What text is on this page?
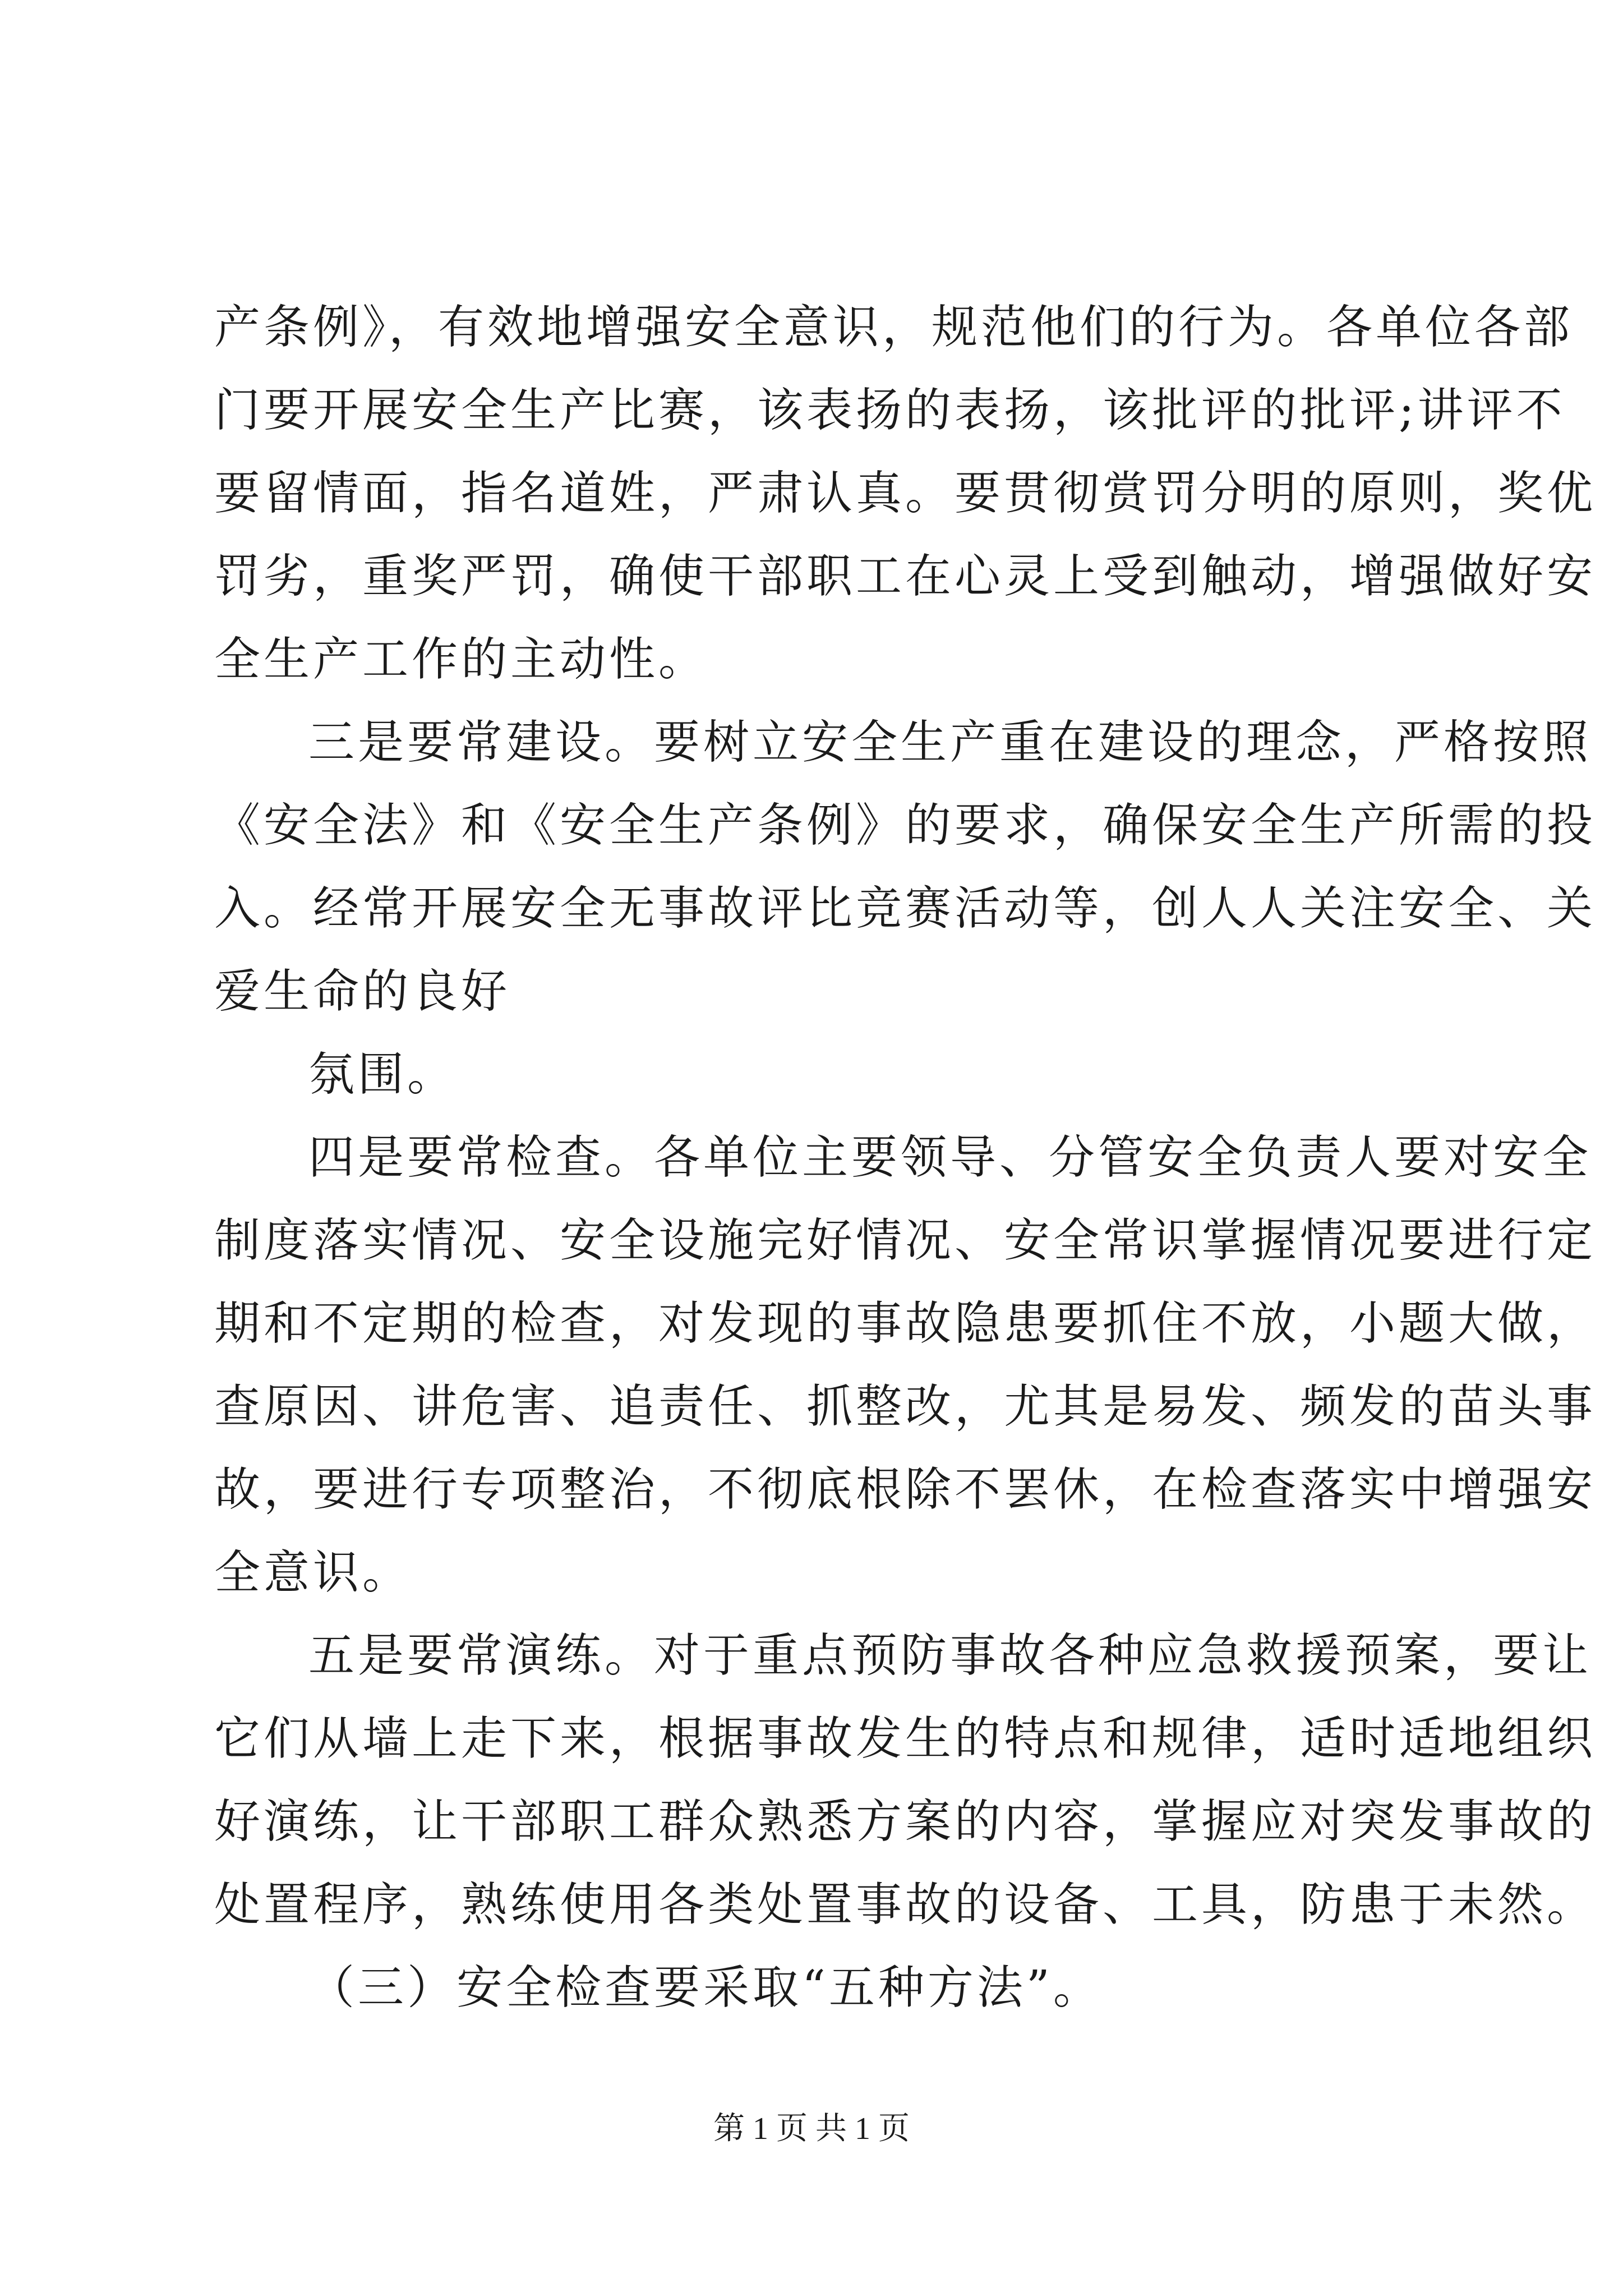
产条例》，有效地增强安全意识，规范他们的行为。各单位各部
门要开展安全生产比赛，该表扬的表扬，该批评的批评;讲评不
要留情面，指名道姓，严肃认真。要贯彻赏罚分明的原则，奖优
罚劣，重奖严罚，确使干部职工在心灵上受到触动，增强做好安
全生产工作的主动性。
三是要常建设。要树立安全生产重在建设的理念，严格按照
《安全法》和《安全生产条例》的要求，确保安全生产所需的投
入。经常开展安全无事故评比竞赛活动等，创人人关注安全、关
爱生命的良好
氛围。
四是要常检查。各单位主要领导、分管安全负责人要对安全
制度落实情况、安全设施完好情况、安全常识掌握情况要进行定
期和不定期的检查，对发现的事故隐患要抓住不放，小题大做，
查原因、讲危害、追责任、抓整改，尤其是易发、频发的苗头事
故，要进行专项整治，不彻底根除不罢休，在检查落实中增强安
全意识。
五是要常演练。对于重点预防事故各种应急救援预案，要让
它们从墙上走下来，根据事故发生的特点和规律，适时适地组织
好演练，让干部职工群众熟悉方案的内容，掌握应对突发事故的
处置程序，熟练使用各类处置事故的设备、工具，防患于未然。
（三）安全检查要采取“五种方法”。
第 1 页 共 1 页
